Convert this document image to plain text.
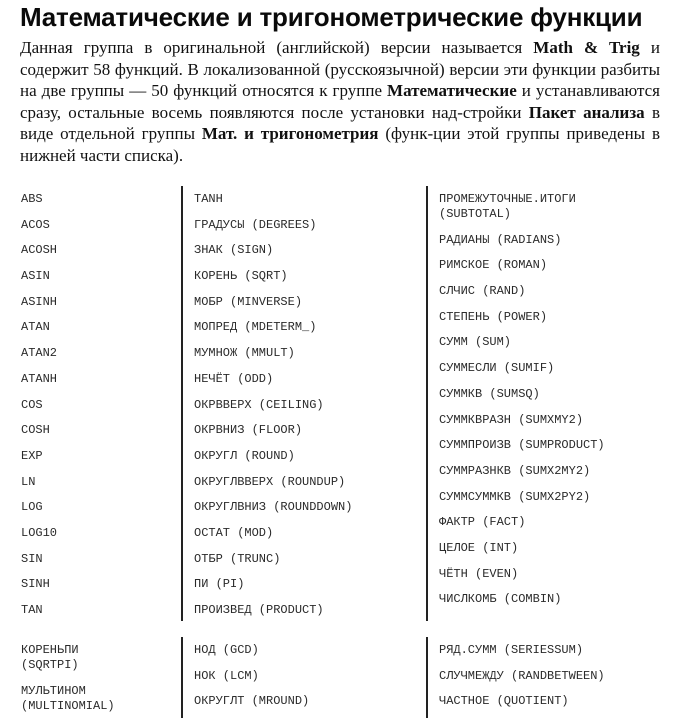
Математические и тригонометрические функции

Данная группа в оригинальной (английской) версии называется Math & Trig и содержит 58 функций. В локализованной (русскоязычной) версии эти функции разбиты на две группы — 50 функций относятся к группе Математические и устанавливаются сразу, остальные восемь появляются после установки над-стройки Пакет анализа в виде отдельной группы Мат. и тригонометрия (функ-ции этой группы приведены в нижней части списка).

ABS
ACOS
ACOSH
ASIN
ASINH
ATAN
ATAN2
ATANH
COS
COSH
EXP
LN
LOG
LOG10
SIN
SINH
TAN
TANH
ГРАДУСЫ (DEGREES)
ЗНАК (SIGN)
КОРЕНЬ (SQRT)
МОБР (MINVERSE)
МОПРЕД (MDETERM_)
МУМНОЖ (MMULT)
НЕЧЁТ (ODD)
ОКРВВЕРХ (CEILING)
ОКРВНИЗ (FLOOR)
ОКРУГЛ (ROUND)
ОКРУГЛВВЕРХ (ROUNDUP)
ОКРУГЛВНИЗ (ROUNDDOWN)
ОСТАТ (MOD)
ОТБР (TRUNC)
ПИ (PI)
ПРОИЗВЕД (PRODUCT)
ПРОМЕЖУТОЧНЫЕ.ИТОГИ
(SUBTOTAL)
РАДИАНЫ (RADIANS)
РИМСКОЕ (ROMAN)
СЛЧИС (RAND)
СТЕПЕНЬ (POWER)
СУММ (SUM)
СУММЕСЛИ (SUMIF)
СУММКВ (SUMSQ)
СУММКВРАЗН (SUMXMY2)
СУММПРОИЗВ (SUMPRODUCT)
СУММРАЗНКВ (SUMX2MY2)
СУММСУММКВ (SUMX2PY2)
ФАКТР (FACT)
ЦЕЛОЕ (INT)
ЧЁТН (EVEN)
ЧИСЛКОМБ (COMBIN)
КОРЕНЬПИ
(SQRTPI)
МУЛЬТИНОМ
(MULTINOMIAL)
НОД (GCD)
НОК (LCM)
ОКРУГЛТ (MROUND)
РЯД.СУММ (SERIESSUM)
СЛУЧМЕЖДУ (RANDBETWEEN)
ЧАСТНОЕ (QUOTIENT)
